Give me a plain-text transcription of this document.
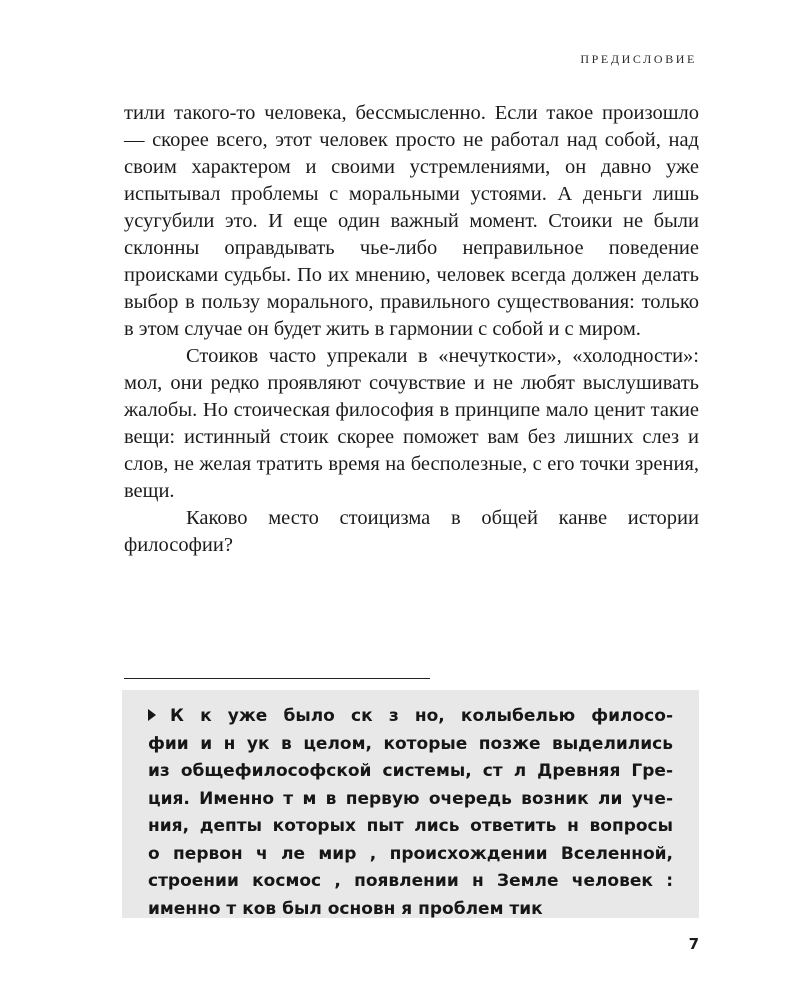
ПРЕДИСЛОВИЕ

тили такого-то человека, бессмысленно. Если такое произошло — скорее всего, этот человек просто не работал над собой, над своим характером и своими устремлениями, он давно уже испытывал проблемы с моральными устоями. А деньги лишь усугубили это. И еще один важный момент. Стоики не были склонны оправдывать чье-либо неправильное поведение происками судьбы. По их мнению, человек всегда должен делать выбор в пользу морального, правильного существования: только в этом случае он будет жить в гармонии с собой и с миром.

Стоиков часто упрекали в «нечуткости», «холодности»: мол, они редко проявляют сочувствие и не любят выслушивать жалобы. Но стоическая философия в принципе мало ценит такие вещи: истинный стоик скорее поможет вам без лишних слез и слов, не желая тратить время на бесполезные, с его точки зрения, вещи.

Каково место стоицизма в общей канве истории философии?

К к уже было ск з но, колыбелью филосо-
фии и н ук в целом, которые позже выделились
из общефилософской системы, ст л Древняя Гре-
ция. Именно т м в первую очередь возник ли уче-
ния, депты которых пыт лись ответить н вопросы
о первон ч ле мир , происхождении Вселенной,
строении космос , появлении н Земле человек :
именно т ков был основн я проблем тик
7
